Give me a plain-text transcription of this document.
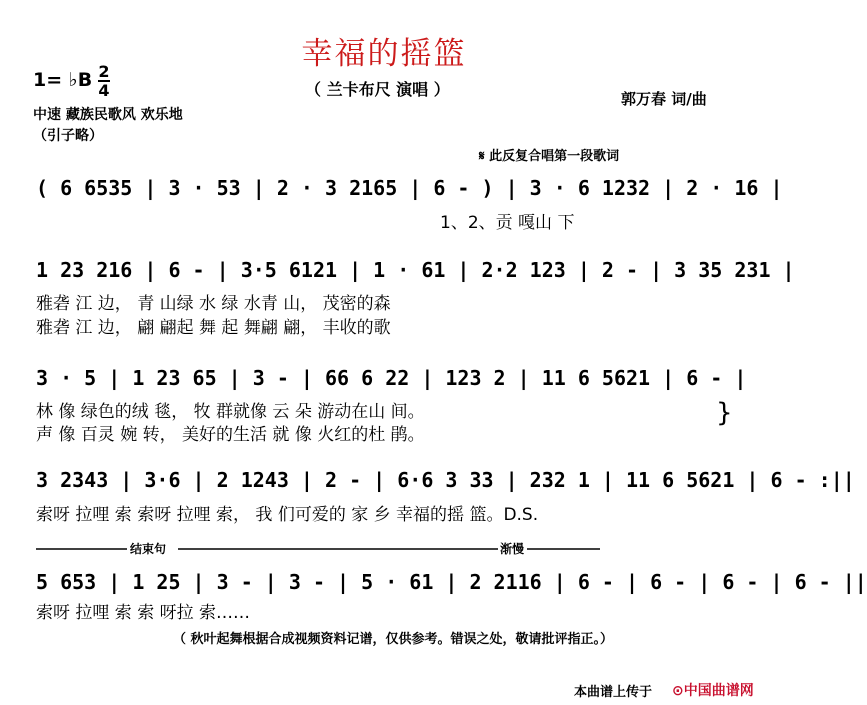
幸福的摇篮
1= ♭B 2
4	（ 兰卡布尺 演唱 ）	郭万春 词/曲
中速 藏族民歌风 欢乐地
（引子略）
𝄋 此反复合唱第一段歌词
( 6 6535 | 3 · 53 | 2 · 3 2165 | 6 - ) | 3 · 6 1232 | 2 · 16 |
1、2、贡 嘎山 下
1 23 216 | 6 - | 3·5 6121 | 1 · 61 | 2·2 123 | 2 - | 3 35 231 |
雅砻 江 边， 青 山绿 水 绿 水青 山， 茂密的森
雅砻 江 边， 翩 翩起 舞 起 舞翩 翩， 丰收的歌
3 · 5 | 1 23 65 | 3 - | 66 6 22 | 123 2 | 11 6 5621 | 6 - |
林 像 绿色的绒 毯， 牧 群就像 云 朵 游动在山 间。
声 像 百灵 婉 转， 美好的生活 就 像 火红的杜 鹃。
}
3 2343 | 3·6 | 2 1243 | 2 - | 6·6 3 33 | 232 1 | 11 6 5621 | 6 - :||
索呀 拉哩 索 索呀 拉哩 索， 我 们可爱的 家 乡 幸福的摇 篮。D.S.
结束句	渐慢
5 653 | 1 25 | 3 - | 3 - | 5 · 61 | 2 2116 | 6 - | 6 - | 6 - | 6 - ||
索呀 拉哩 索 索 呀拉 索……
（ 秋叶起舞根据合成视频资料记谱，仅供参考。错误之处，敬请批评指正。）
本曲谱上传于 ⊙中国曲谱网
